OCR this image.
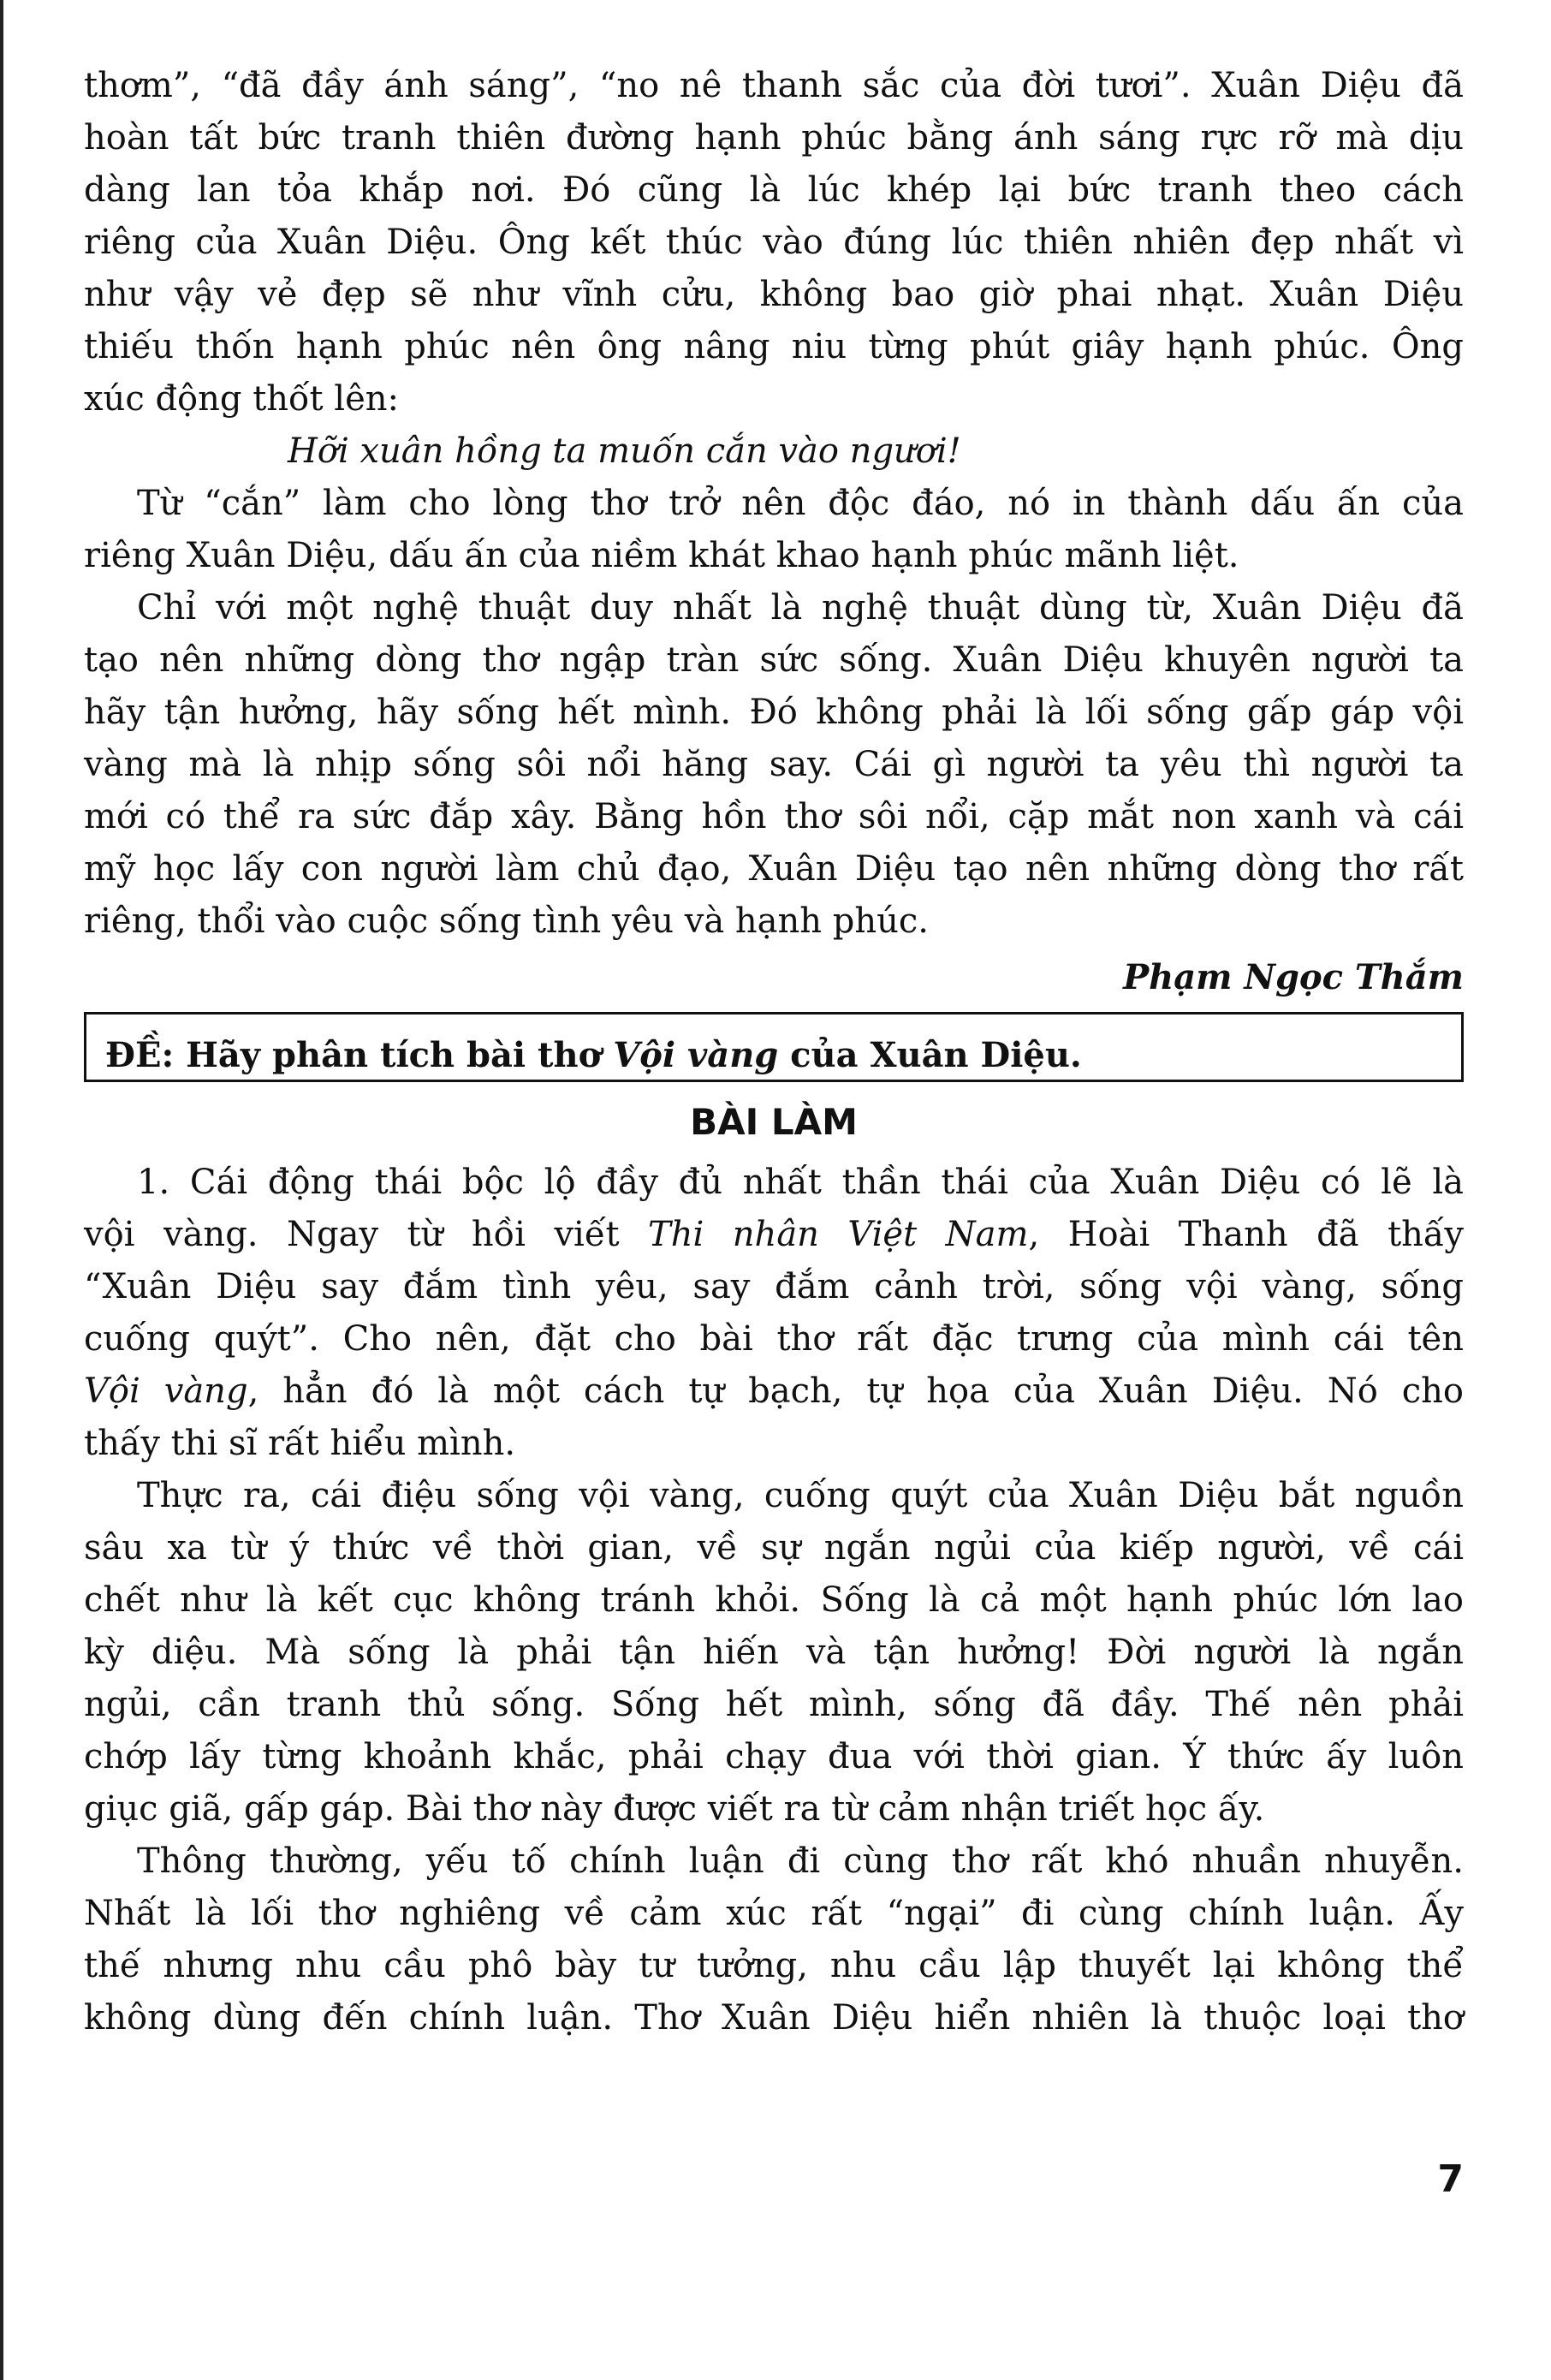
thơm”, “đã đầy ánh sáng”, “no nê thanh sắc của đời tươi”. Xuân Diệu đã
hoàn tất bức tranh thiên đường hạnh phúc bằng ánh sáng rực rỡ mà dịu
dàng lan tỏa khắp nơi. Đó cũng là lúc khép lại bức tranh theo cách
riêng của Xuân Diệu. Ông kết thúc vào đúng lúc thiên nhiên đẹp nhất vì
như vậy vẻ đẹp sẽ như vĩnh cửu, không bao giờ phai nhạt. Xuân Diệu
thiếu thốn hạnh phúc nên ông nâng niu từng phút giây hạnh phúc. Ông
xúc động thốt lên:
Hỡi xuân hồng ta muốn cắn vào ngươi!
Từ “cắn” làm cho lòng thơ trở nên độc đáo, nó in thành dấu ấn của
riêng Xuân Diệu, dấu ấn của niềm khát khao hạnh phúc mãnh liệt.
Chỉ với một nghệ thuật duy nhất là nghệ thuật dùng từ, Xuân Diệu đã
tạo nên những dòng thơ ngập tràn sức sống. Xuân Diệu khuyên người ta
hãy tận hưởng, hãy sống hết mình. Đó không phải là lối sống gấp gáp vội
vàng mà là nhịp sống sôi nổi hăng say. Cái gì người ta yêu thì người ta
mới có thể ra sức đắp xây. Bằng hồn thơ sôi nổi, cặp mắt non xanh và cái
mỹ học lấy con người làm chủ đạo, Xuân Diệu tạo nên những dòng thơ rất
riêng, thổi vào cuộc sống tình yêu và hạnh phúc.
Phạm Ngọc Thắm
ĐỀ: Hãy phân tích bài thơ Vội vàng của Xuân Diệu.
BÀI LÀM
1. Cái động thái bộc lộ đầy đủ nhất thần thái của Xuân Diệu có lẽ là
vội vàng. Ngay từ hồi viết Thi nhân Việt Nam, Hoài Thanh đã thấy
“Xuân Diệu say đắm tình yêu, say đắm cảnh trời, sống vội vàng, sống
cuống quýt”. Cho nên, đặt cho bài thơ rất đặc trưng của mình cái tên
Vội vàng, hẳn đó là một cách tự bạch, tự họa của Xuân Diệu. Nó cho
thấy thi sĩ rất hiểu mình.
Thực ra, cái điệu sống vội vàng, cuống quýt của Xuân Diệu bắt nguồn
sâu xa từ ý thức về thời gian, về sự ngắn ngủi của kiếp người, về cái
chết như là kết cục không tránh khỏi. Sống là cả một hạnh phúc lớn lao
kỳ diệu. Mà sống là phải tận hiến và tận hưởng! Đời người là ngắn
ngủi, cần tranh thủ sống. Sống hết mình, sống đã đầy. Thế nên phải
chớp lấy từng khoảnh khắc, phải chạy đua với thời gian. Ý thức ấy luôn
giục giã, gấp gáp. Bài thơ này được viết ra từ cảm nhận triết học ấy.
Thông thường, yếu tố chính luận đi cùng thơ rất khó nhuần nhuyễn.
Nhất là lối thơ nghiêng về cảm xúc rất “ngại” đi cùng chính luận. Ấy
thế nhưng nhu cầu phô bày tư tưởng, nhu cầu lập thuyết lại không thể
không dùng đến chính luận. Thơ Xuân Diệu hiển nhiên là thuộc loại thơ
7
